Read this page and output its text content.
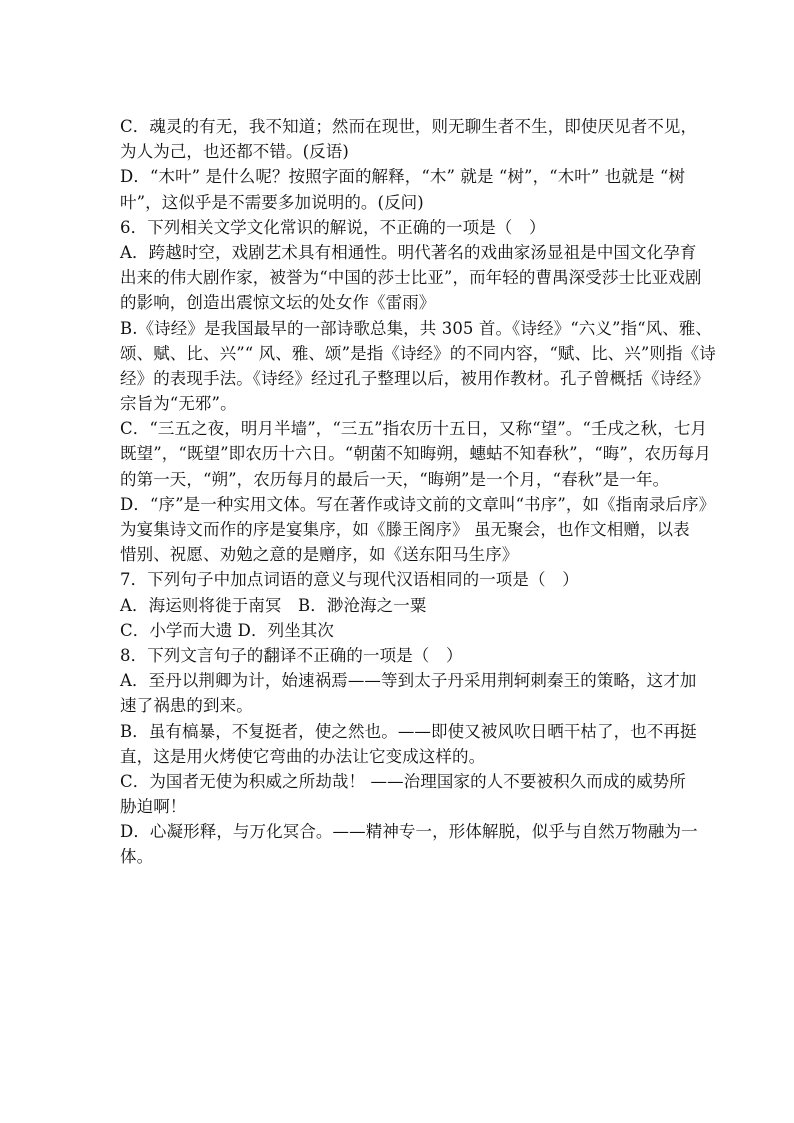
C．魂灵的有无，我不知道；然而在现世，则无聊生者不生，即使厌见者不见，
为人为己，也还都不错。(反语)
D．“木叶” 是什么呢？按照字面的解释，“木” 就是 “树”，“木叶” 也就是 “树
叶”，这似乎是不需要多加说明的。(反问)
6．下列相关文学文化常识的解说，不正确的一项是（　）
A．跨越时空，戏剧艺术具有相通性。明代著名的戏曲家汤显祖是中国文化孕育
出来的伟大剧作家，被誉为“中国的莎士比亚”，而年轻的曹禺深受莎士比亚戏剧
的影响，创造出震惊文坛的处女作《雷雨》
B.《诗经》是我国最早的一部诗歌总集，共 305 首。《诗经》“六义”指“风、雅、
颂、赋、比、兴”“ 风、雅、颂”是指《诗经》的不同内容，“赋、比、兴”则指《诗
经》的表现手法。《诗经》经过孔子整理以后，被用作教材。孔子曾概括《诗经》
宗旨为“无邪”。
C．“三五之夜，明月半墙”，“三五”指农历十五日，又称“望”。“壬戌之秋，七月
既望”，“既望”即农历十六日。“朝菌不知晦朔，蟪蛄不知春秋”，“晦”，农历每月
的第一天，“朔”，农历每月的最后一天，“晦朔”是一个月，“春秋”是一年。
D．“序”是一种实用文体。写在著作或诗文前的文章叫“书序”，如《指南录后序》
为宴集诗文而作的序是宴集序，如《滕王阁序》 虽无聚会，也作文相赠，以表
惜别、祝愿、劝勉之意的是赠序，如《送东阳马生序》
7．下列句子中加点词语的意义与现代汉语相同的一项是（　）
A．海运则将徙于南冥　B．渺沧海之一粟
C．小学而大遗 D．列坐其次
8．下列文言句子的翻译不正确的一项是（　）
A．至丹以荆卿为计，始速祸焉——等到太子丹采用荆轲刺秦王的策略，这才加
速了祸患的到来。
B．虽有槁暴，不复挺者，使之然也。——即使又被风吹日晒干枯了，也不再挺
直，这是用火烤使它弯曲的办法让它变成这样的。
C．为国者无使为积威之所劫哉！ ——治理国家的人不要被积久而成的威势所
胁迫啊！
D．心凝形释，与万化冥合。——精神专一，形体解脱，似乎与自然万物融为一
体。
